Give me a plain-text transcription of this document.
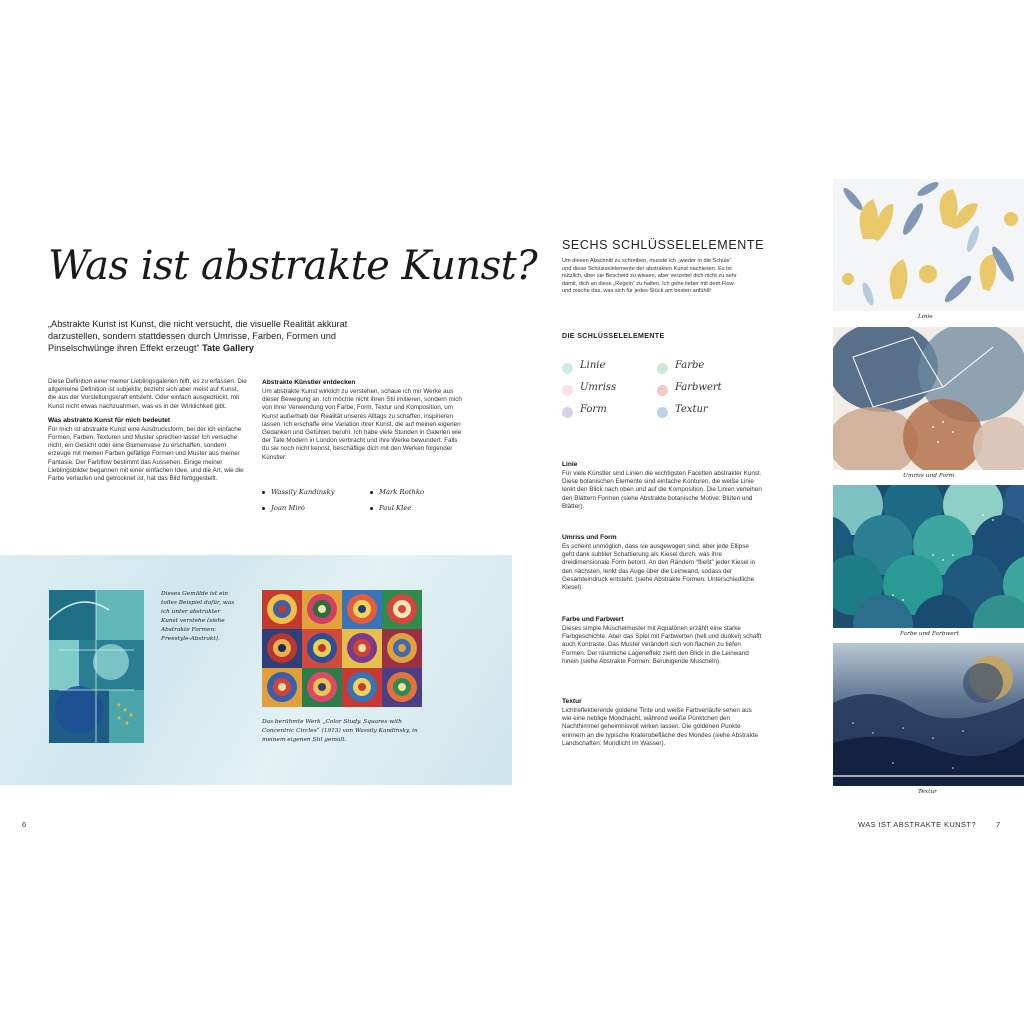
Was ist abstrakte Kunst?
„Abstrakte Kunst ist Kunst, die nicht versucht, die visuelle Realität akkurat darzustellen, sondern stattdessen durch Umrisse, Farben, Formen und Pinselschwünge ihren Effekt erzeugt“ Tate Gallery

Diese Definition einer meiner Lieblingsgalerien hilft, es zu erfassen. Die allgemeine Definition ist subjektiv, bezieht sich aber meist auf Kunst, die aus der Vorstellungskraft entsteht. Oder einfach ausgedrückt, mit Kunst nicht etwas nachzuahmen, was es in der Wirklichkeit gibt.

Was abstrakte Kunst für mich bedeutet

Für mich ist abstrakte Kunst eine Ausdrucksform, bei der ich einfache Formen, Farben, Texturen und Muster sprechen lasse! Ich versuche nicht, ein Gesicht oder eine Blumenvase zu erschaffen, sondern erzeuge mit meinen Farben gefällige Formen und Muster aus meiner Fantasie. Der Farbflow bestimmt das Aussehen. Einige meiner Lieblingsbilder begannen mit einer einfachen Idee, und die Art, wie die Farbe verlaufen und getrocknet ist, hat das Bild fertiggestellt.

Abstrakte Künstler entdecken

Um abstrakte Kunst wirklich zu verstehen, schaue ich mir Werke aus dieser Bewegung an. Ich möchte nicht ihren Stil imitieren, sondern mich von ihrer Verwendung von Farbe, Form, Textur und Komposition, um Kunst außerhalb der Realität unseres Alltags zu schaffen, inspirieren lassen. Ich erschaffe eine Variation ihrer Kunst, die auf meinen eigenen Gedanken und Gefühlen beruht. Ich habe viele Stunden in Galerien wie der Tate Modern in London verbracht und ihre Werke bewundert. Falls du sie noch nicht kennst, beschäftige dich mit den Werken folgender Künstler:

Wassily Kandinsky	Mark Rothko
Joan Miró	Paul Klee
Dieses Gemälde ist ein tolles Beispiel dafür, was ich unter abstrakter Kunst verstehe (siehe Abstrakte Formen: Freestyle-Abstrakt).
Das berühmte Werk „Color Study. Squares with Concentric Circles“ (1913) von Wassily Kandinsky, in meinem eigenen Stil gemalt.
6
SECHS SCHLÜSSELELEMENTE
Um diesen Abschnitt zu schreiben, musste ich „wieder in die Schule“ und diese Schlüsselelemente der abstrakten Kunst nachlesen. Es ist nützlich, über sie Bescheid zu wissen, aber verzettel dich nicht zu sehr damit, dich an diese „Regeln“ zu halten. Ich gehe lieber mit dem Flow und mache das, was sich für jedes Stück am besten anfühlt!
DIE SCHLÜSSELELEMENTE
Linie	Farbe
Umriss	Farbwert
Form	Textur
Linie
Für viele Künstler sind Linien die wichtigsten Facetten abstrakter Kunst. Diese botanischen Elemente sind einfache Konturen, die weiße Linie lenkt den Blick nach oben und auf die Komposition. Die Linien verleihen den Blättern Formen (siehe Abstrakte botanische Motive: Blüten und Blätter).
Umriss und Form
Es scheint unmöglich, dass sie ausgewogen sind, aber jede Ellipse geht dank subtiler Schattierung als Kiesel durch, was ihre dreidimensionale Form betont. An den Rändern “fließt” jeder Kiesel in den nächsten, lenkt das Auge über die Leinwand, sodass der Gesamteindruck entsteht. (siehe Abstrakte Formen: Unterschiedliche Kiesel).
Farbe und Farbwert
Dieses simple Muschelmuster mit Aquatönen erzählt eine starke Farbgeschichte. Aber das Spiel mit Farbwerten (hell und dunkel) schafft auch Kontraste. Das Muster verändert sich von flachen zu tiefen Formen. Der räumliche Lageneffekt zieht den Blick in die Leinwand hinein (siehe Abstrakte Formen: Beruhigende Muscheln).
Textur
Lichtreflektierende goldene Tinte und weiße Farbverläufe sehen aus wie eine neblige Mondnacht, während weiße Pünktchen den Nachthimmel geheimnisvoll wirken lassen. Die goldenen Punkte erinnern an die typische Kraterobefläche des Mondes (siehe Abstrakte Landschaften: Mondlicht im Wasser).
Linie
Umriss und Form
Farbe und Farbwert
Textur
WAS IST ABSTRAKTE KUNST?	7
